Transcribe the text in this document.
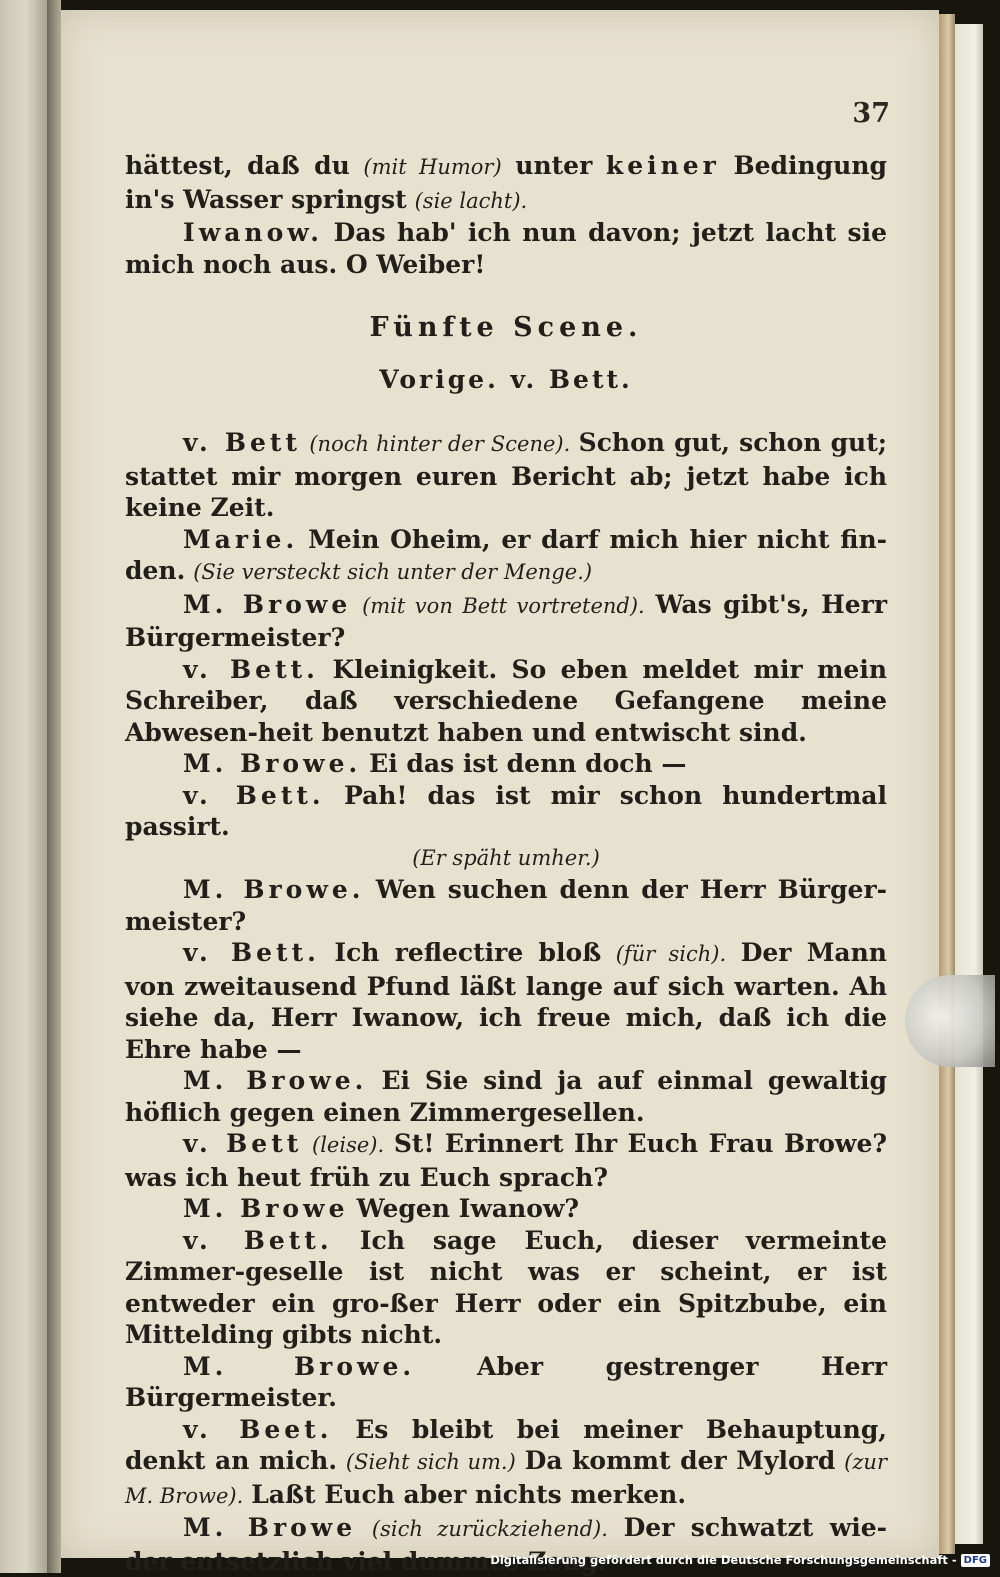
37

hättest, daß du (mit Humor) unter keiner Bedingung in's Wasser springst (sie lacht).

Iwanow. Das hab' ich nun davon; jetzt lacht sie mich noch aus. O Weiber!

Fünfte Scene.

Vorige. v. Bett.

v. Bett (noch hinter der Scene). Schon gut, schon gut; stattet mir morgen euren Bericht ab; jetzt habe ich keine Zeit.

Marie. Mein Oheim, er darf mich hier nicht fin-den. (Sie versteckt sich unter der Menge.)

M. Browe (mit von Bett vortretend). Was gibt's, Herr Bürgermeister?

v. Bett. Kleinigkeit. So eben meldet mir mein Schreiber, daß verschiedene Gefangene meine Abwesen-heit benutzt haben und entwischt sind.

M. Browe. Ei das ist denn doch —

v. Bett. Pah! das ist mir schon hundertmal passirt.

(Er späht umher.)

M. Browe. Wen suchen denn der Herr Bürger-meister?

v. Bett. Ich reflectire bloß (für sich). Der Mann von zweitausend Pfund läßt lange auf sich warten. Ah siehe da, Herr Iwanow, ich freue mich, daß ich die Ehre habe —

M. Browe. Ei Sie sind ja auf einmal gewaltig höflich gegen einen Zimmergesellen.

v. Bett (leise). St! Erinnert Ihr Euch Frau Browe? was ich heut früh zu Euch sprach?

M. Browe Wegen Iwanow?

v. Bett. Ich sage Euch, dieser vermeinte Zimmer-geselle ist nicht was er scheint, er ist entweder ein gro-ßer Herr oder ein Spitzbube, ein Mittelding gibts nicht.

M. Browe. Aber gestrenger Herr Bürgermeister.

v. Beet. Es bleibt bei meiner Behauptung, denkt an mich. (Sieht sich um.) Da kommt der Mylord (zur M. Browe). Laßt Euch aber nichts merken.

M. Browe (sich zurückziehend). Der schwatzt wie-der entsetzlich viel dummes Zeug.

Digitalisierung gefördert durch die Deutsche Forschungsgemeinschaft - DFG
